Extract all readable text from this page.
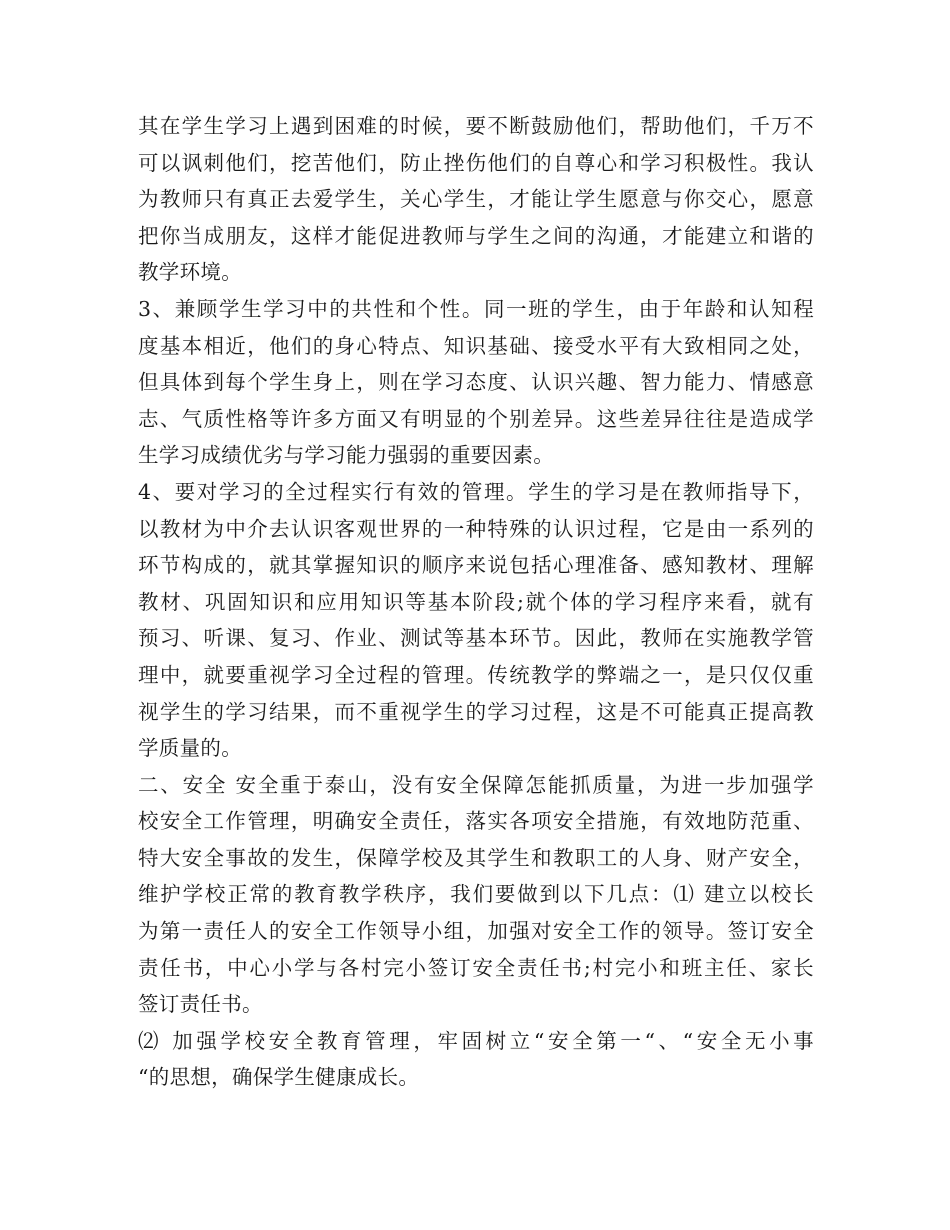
其在学生学习上遇到困难的时候，要不断鼓励他们，帮助他们，千万不
可以讽刺他们，挖苦他们，防止挫伤他们的自尊心和学习积极性。我认
为教师只有真正去爱学生，关心学生，才能让学生愿意与你交心，愿意
把你当成朋友，这样才能促进教师与学生之间的沟通，才能建立和谐的
教学环境。
3、兼顾学生学习中的共性和个性。同一班的学生，由于年龄和认知程
度基本相近，他们的身心特点、知识基础、接受水平有大致相同之处，
但具体到每个学生身上，则在学习态度、认识兴趣、智力能力、情感意
志、气质性格等许多方面又有明显的个别差异。这些差异往往是造成学
生学习成绩优劣与学习能力强弱的重要因素。
4、要对学习的全过程实行有效的管理。学生的学习是在教师指导下，
以教材为中介去认识客观世界的一种特殊的认识过程，它是由一系列的
环节构成的，就其掌握知识的顺序来说包括心理准备、感知教材、理解
教材、巩固知识和应用知识等基本阶段;就个体的学习程序来看，就有
预习、听课、复习、作业、测试等基本环节。因此，教师在实施教学管
理中，就要重视学习全过程的管理。传统教学的弊端之一，是只仅仅重
视学生的学习结果，而不重视学生的学习过程，这是不可能真正提高教
学质量的。
二、安全 安全重于泰山，没有安全保障怎能抓质量，为进一步加强学
校安全工作管理，明确安全责任，落实各项安全措施，有效地防范重、
特大安全事故的发生，保障学校及其学生和教职工的人身、财产安全，
维护学校正常的教育教学秩序，我们要做到以下几点：⑴ 建立以校长
为第一责任人的安全工作领导小组，加强对安全工作的领导。签订安全
责任书，中心小学与各村完小签订安全责任书;村完小和班主任、家长
签订责任书。
⑵ 加强学校安全教育管理，牢固树立“安全第一“、“安全无小事
“的思想，确保学生健康成长。
